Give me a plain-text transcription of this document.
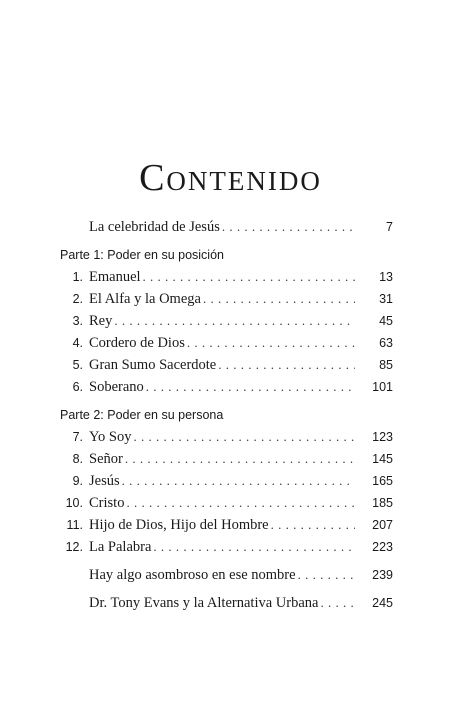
Contenido
La celebridad de Jesús . . .	7
Parte 1: Poder en su posición
1. Emanuel . . .	13
2. El Alfa y la Omega . . .	31
3. Rey . . .	45
4. Cordero de Dios . . .	63
5. Gran Sumo Sacerdote . . .	85
6. Soberano . . .	101
Parte 2: Poder en su persona
7. Yo Soy . . .	123
8. Señor . . .	145
9. Jesús . . .	165
10. Cristo . . .	185
11. Hijo de Dios, Hijo del Hombre . . .	207
12. La Palabra . . .	223
Hay algo asombroso en ese nombre . . .	239
Dr. Tony Evans y la Alternativa Urbana . . .	245
